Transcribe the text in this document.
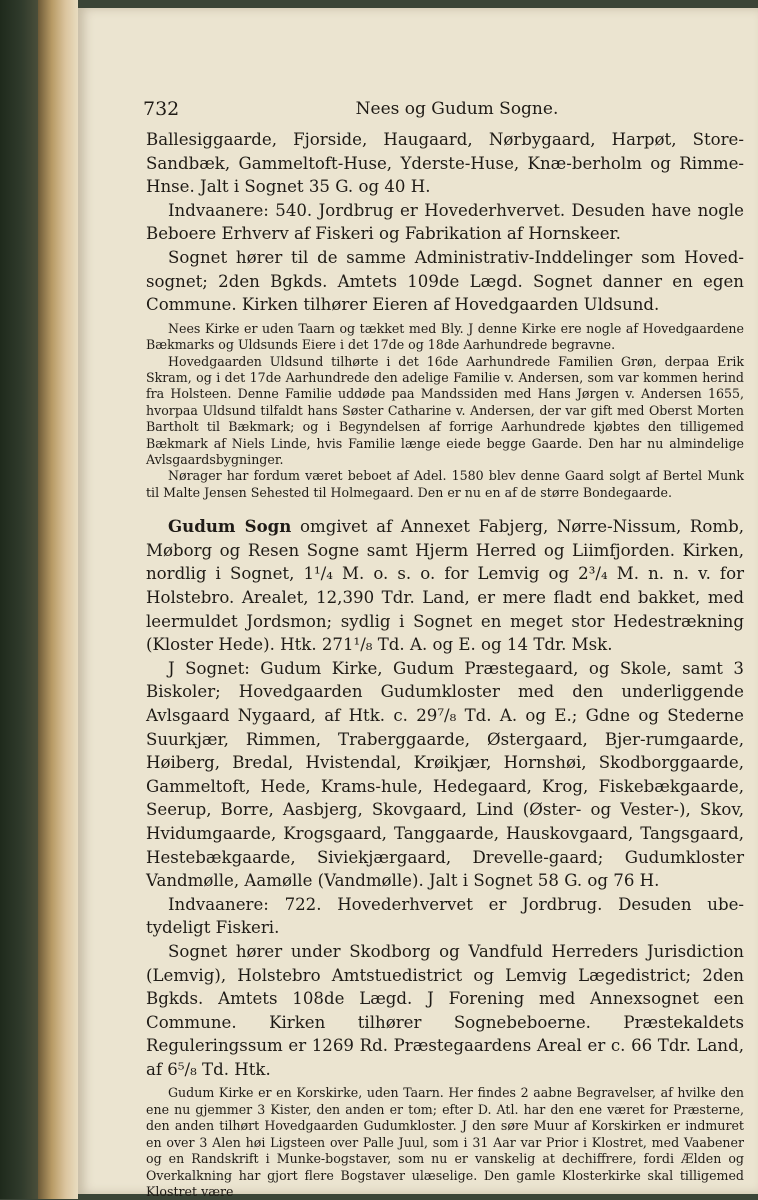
732	Nees og Gudum Sogne.

Ballesiggaarde, Fjorside, Haugaard, Nørbygaard, Harpøt, Store-Sandbæk, Gammeltoft-Huse, Yderste-Huse, Knæ-berholm og Rimme-Hnse. Jalt i Sognet 35 G. og 40 H.

Indvaanere: 540. Jordbrug er Hovederhvervet. Desuden have nogle Beboere Erhverv af Fiskeri og Fabrikation af Hornskeer.

Sognet hører til de samme Administrativ-Inddelinger som Hoved-sognet; 2den Bgkds. Amtets 109de Lægd. Sognet danner en egen Commune. Kirken tilhører Eieren af Hovedgaarden Uldsund.

Nees Kirke er uden Taarn og tækket med Bly. J denne Kirke ere nogle af Hovedgaardene Bækmarks og Uldsunds Eiere i det 17de og 18de Aarhundrede begravne.

Hovedgaarden Uldsund tilhørte i det 16de Aarhundrede Familien Grøn, derpaa Erik Skram, og i det 17de Aarhundrede den adelige Familie v. Andersen, som var kommen herind fra Holsteen. Denne Familie uddøde paa Mandssiden med Hans Jørgen v. Andersen 1655, hvorpaa Uldsund tilfaldt hans Søster Catharine v. Andersen, der var gift med Oberst Morten Bartholt til Bækmark; og i Begyndelsen af forrige Aarhundrede kjøbtes den tilligemed Bækmark af Niels Linde, hvis Familie længe eiede begge Gaarde. Den har nu almindelige Avlsgaardsbygninger.

Nørager har fordum været beboet af Adel. 1580 blev denne Gaard solgt af Bertel Munk til Malte Jensen Sehested til Holmegaard. Den er nu en af de større Bondegaarde.

Gudum Sogn omgivet af Annexet Fabjerg, Nørre-Nissum, Romb, Møborg og Resen Sogne samt Hjerm Herred og Liimfjorden. Kirken, nordlig i Sognet, 1¹/₄ M. o. s. o. for Lemvig og 2³/₄ M. n. n. v. for Holstebro. Arealet, 12,390 Tdr. Land, er mere fladt end bakket, med leermuldet Jordsmon; sydlig i Sognet en meget stor Hedestrækning (Kloster Hede). Htk. 271¹/₈ Td. A. og E. og 14 Tdr. Msk.

J Sognet: Gudum Kirke, Gudum Præstegaard, og Skole, samt 3 Biskoler; Hovedgaarden Gudumkloster med den underliggende Avlsgaard Nygaard, af Htk. c. 29⁷/₈ Td. A. og E.; Gdne og Stederne Suurkjær, Rimmen, Traberggaarde, Østergaard, Bjer-rumgaarde, Høiberg, Bredal, Hvistendal, Krøikjær, Hornshøi, Skodborggaarde, Gammeltoft, Hede, Krams-hule, Hedegaard, Krog, Fiskebækgaarde, Seerup, Borre, Aasbjerg, Skovgaard, Lind (Øster- og Vester-), Skov, Hvidumgaarde, Krogsgaard, Tanggaarde, Hauskovgaard, Tangsgaard, Hestebækgaarde, Siviekjærgaard, Drevelle-gaard; Gudumkloster Vandmølle, Aamølle (Vandmølle). Jalt i Sognet 58 G. og 76 H.

Indvaanere: 722. Hovederhvervet er Jordbrug. Desuden ube-tydeligt Fiskeri.

Sognet hører under Skodborg og Vandfuld Herreders Jurisdiction (Lemvig), Holstebro Amtstuedistrict og Lemvig Lægedistrict; 2den Bgkds. Amtets 108de Lægd. J Forening med Annexsognet een Commune. Kirken tilhører Sognebeboerne. Præstekaldets Reguleringssum er 1269 Rd. Præstegaardens Areal er c. 66 Tdr. Land, af 6⁵/₈ Td. Htk.

Gudum Kirke er en Korskirke, uden Taarn. Her findes 2 aabne Begravelser, af hvilke den ene nu gjemmer 3 Kister, den anden er tom; efter D. Atl. har den ene været for Præsterne, den anden tilhørt Hovedgaarden Gudumkloster. J den søre Muur af Korskirken er indmuret en over 3 Alen høi Ligsteen over Palle Juul, som i 31 Aar var Prior i Klostret, med Vaabener og en Randskrift i Munke-bogstaver, som nu er vanskelig at dechiffrere, fordi Ælden og Overkalkning har gjort flere Bogstaver ulæselige. Den gamle Klosterkirke skal tilligemed Klostret være
